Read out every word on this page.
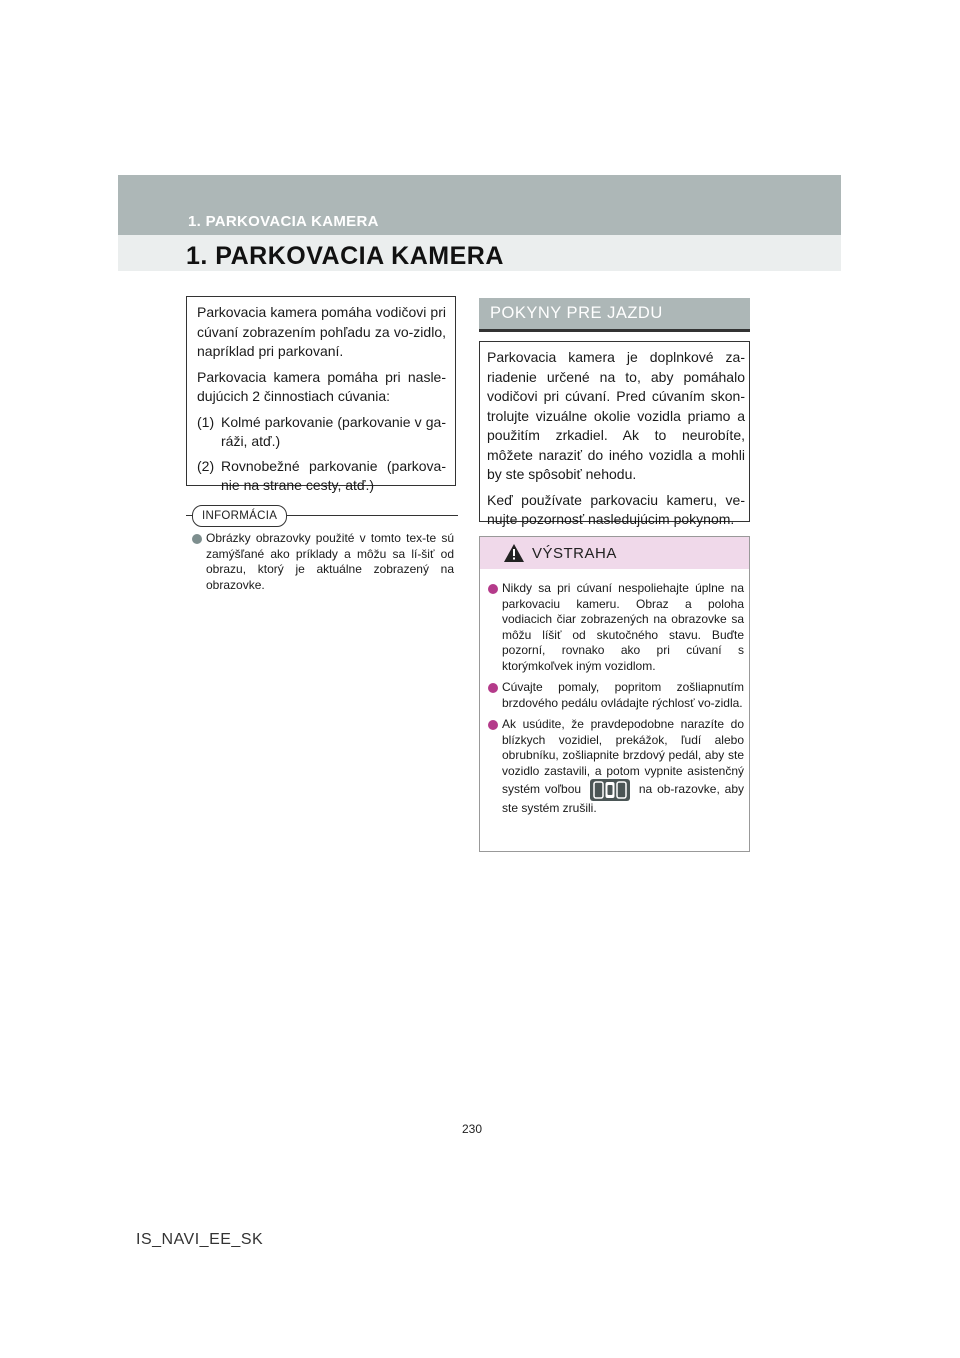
1. PARKOVACIA KAMERA
1. PARKOVACIA KAMERA

Parkovacia kamera pomáha vodičovi pri cúvaní zobrazením pohľadu za vo-zidlo, napríklad pri parkovaní.

Parkovacia kamera pomáha pri nasle-dujúcich 2 činnostiach cúvania:

(1) Kolmé parkovanie (parkovanie v ga-ráži, atď.)
(2) Rovnobežné parkovanie (parkova-nie na strane cesty, atď.)
INFORMÁCIA
Obrázky obrazovky použité v tomto tex-te sú zamýšľané ako príklady a môžu sa lí-šiť od obrazu, ktorý je aktuálne zobrazený na obrazovke.
POKYNY PRE JAZDU

Parkovacia kamera je doplnkové za-riadenie určené na to, aby pomáhalo vodičovi pri cúvaní. Pred cúvaním skon-trolujte vizuálne okolie vozidla priamo a použitím zrkadiel. Ak to neurobíte, môžete naraziť do iného vozidla a mohli by ste spôsobiť nehodu.

Keď používate parkovaciu kameru, ve-nujte pozornosť nasledujúcim pokynom.

VÝSTRAHA
Nikdy sa pri cúvaní nespoliehajte úplne na parkovaciu kameru. Obraz a poloha vodiacich čiar zobrazených na obrazovke sa môžu líšiť od skutočného stavu. Buďte pozorní, rovnako ako pri cúvaní s ktorýmkoľvek iným vozidlom.
Cúvajte pomaly, popritom zošliapnutím brzdového pedálu ovládajte rýchlosť vo-zidla.
Ak usúdite, že pravdepodobne narazíte do blízkych vozidiel, prekážok, ľudí alebo obrubníku, zošliapnite brzdový pedál, aby ste vozidlo zastavili, a potom vypnite asistenčný systém voľbou	na ob-razovke, aby ste systém zrušili.
230
IS_NAVI_EE_SK
